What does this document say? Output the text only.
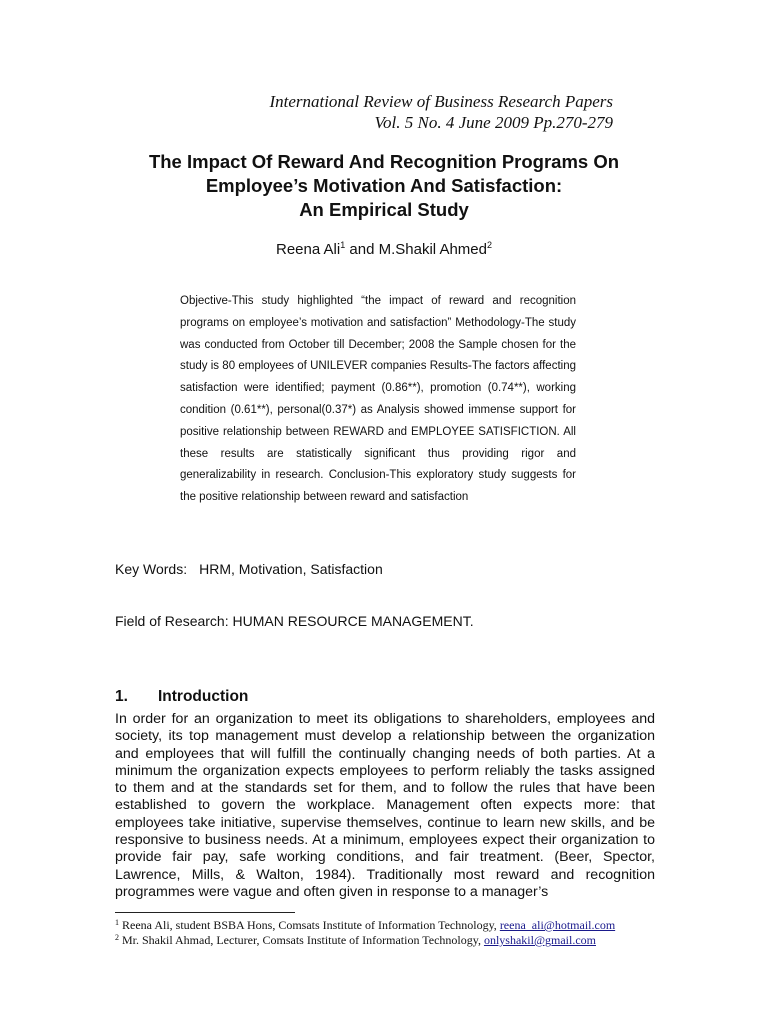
International Review of Business Research Papers

Vol. 5 No. 4 June 2009 Pp.270-279

The Impact Of Reward And Recognition Programs On
Employee’s Motivation And Satisfaction:
An Empirical Study
Reena Ali$^1$ and M.Shakil Ahmed$^2$

Objective-This study highlighted “the impact of reward and recognition programs on employee’s motivation and satisfaction” Methodology-The study was conducted from October till December; 2008 the Sample chosen for the study is 80 employees of UNILEVER companies Results-The factors affecting satisfaction were identified; payment (0.86**), promotion (0.74**), working condition (0.61**), personal(0.37*) as Analysis showed immense support for positive relationship between REWARD and EMPLOYEE SATISFICTION. All these results are statistically significant thus providing rigor and generalizability in research. Conclusion-This exploratory study suggests for the positive relationship between reward and satisfaction

Key Words: HRM, Motivation, Satisfaction
Field of Research: HUMAN RESOURCE MANAGEMENT.
1. Introduction

In order for an organization to meet its obligations to shareholders, employees and society, its top management must develop a relationship between the organization and employees that will fulfill the continually changing needs of both parties. At a minimum the organization expects employees to perform reliably the tasks assigned to them and at the standards set for them, and to follow the rules that have been established to govern the workplace. Management often expects more: that employees take initiative, supervise themselves, continue to learn new skills, and be responsive to business needs. At a minimum, employees expect their organization to provide fair pay, safe working conditions, and fair treatment. (Beer, Spector, Lawrence, Mills, & Walton, 1984). Traditionally most reward and recognition programmes were vague and often given in response to a manager’s

$^1$ Reena Ali, student BSBA Hons, Comsats Institute of Information Technology, reena_ali@hotmail.com
$^2$ Mr. Shakil Ahmad, Lecturer, Comsats Institute of Information Technology, onlyshakil@gmail.com
